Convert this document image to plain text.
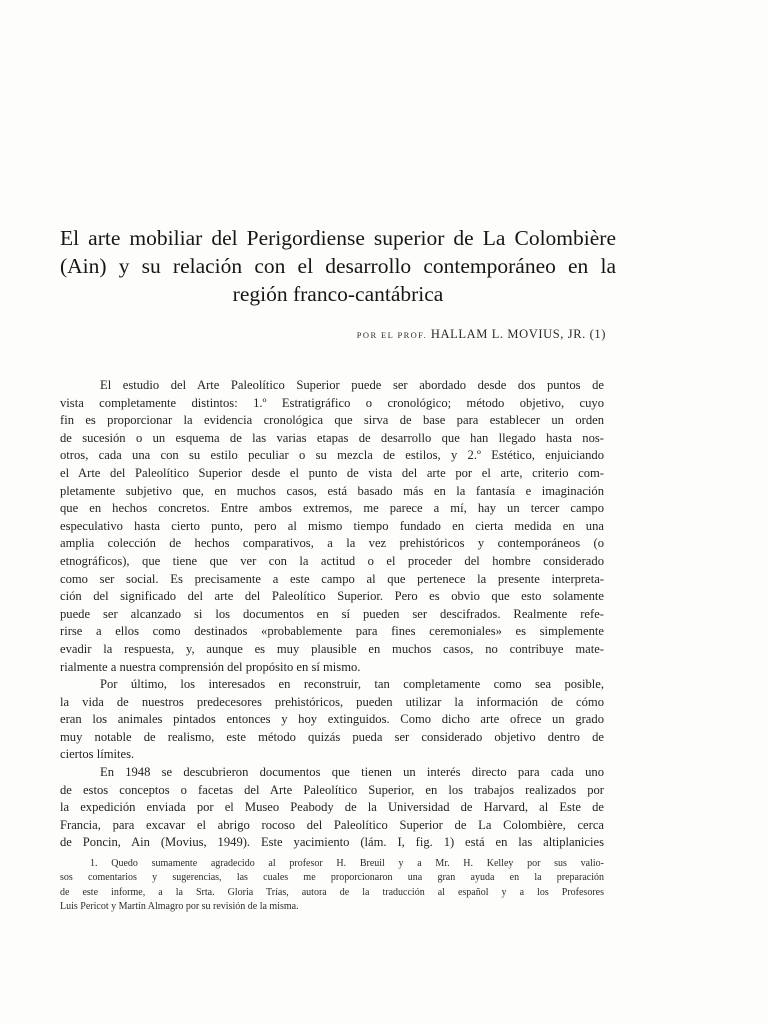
El arte mobiliar del Perigordiense superior de La Colombière
(Ain) y su relación con el desarrollo contemporáneo en la
región franco-cantábrica
POR EL PROF. HALLAM L. MOVIUS, JR. (1)
El estudio del Arte Paleolítico Superior puede ser abordado desde dos puntos de
vista completamente distintos: 1.º Estratigráfico o cronológico; método objetivo, cuyo
fin es proporcionar la evidencia cronológica que sirva de base para establecer un orden
de sucesión o un esquema de las varias etapas de desarrollo que han llegado hasta nos-
otros, cada una con su estilo peculiar o su mezcla de estilos, y 2.º Estético, enjuiciando
el Arte del Paleolítico Superior desde el punto de vista del arte por el arte, criterio com-
pletamente subjetivo que, en muchos casos, está basado más en la fantasía e imaginación
que en hechos concretos. Entre ambos extremos, me parece a mí, hay un tercer campo
especulativo hasta cierto punto, pero al mismo tiempo fundado en cierta medida en una
amplia colección de hechos comparativos, a la vez prehistóricos y contemporáneos (o
etnográficos), que tiene que ver con la actitud o el proceder del hombre considerado
como ser social. Es precisamente a este campo al que pertenece la presente interpreta-
ción del significado del arte del Paleolítico Superior. Pero es obvio que esto solamente
puede ser alcanzado si los documentos en sí pueden ser descifrados. Realmente refe-
rirse a ellos como destinados «probablemente para fines ceremoniales» es simplemente
evadir la respuesta, y, aunque es muy plausible en muchos casos, no contribuye mate-
rialmente a nuestra comprensión del propósito en sí mismo.
Por último, los interesados en reconstruir, tan completamente como sea posible,
la vida de nuestros predecesores prehistóricos, pueden utilizar la información de cómo
eran los animales pintados entonces y hoy extinguidos. Como dicho arte ofrece un grado
muy notable de realismo, este método quizás pueda ser considerado objetivo dentro de
ciertos límites.
En 1948 se descubrieron documentos que tienen un interés directo para cada uno
de estos conceptos o facetas del Arte Paleolítico Superior, en los trabajos realizados por
la expedición enviada por el Museo Peabody de la Universidad de Harvard, al Este de
Francia, para excavar el abrigo rocoso del Paleolítico Superior de La Colombière, cerca
de Poncin, Ain (Movius, 1949). Este yacimiento (lám. I, fig. 1) está en las altiplanicies
1. Quedo sumamente agradecido al profesor H. Breuil y a Mr. H. Kelley por sus valio-
sos comentarios y sugerencias, las cuales me proporcionaron una gran ayuda en la preparación
de este informe, a la Srta. Gloria Trías, autora de la traducción al español y a los Profesores
Luis Pericot y Martín Almagro por su revisión de la misma.
